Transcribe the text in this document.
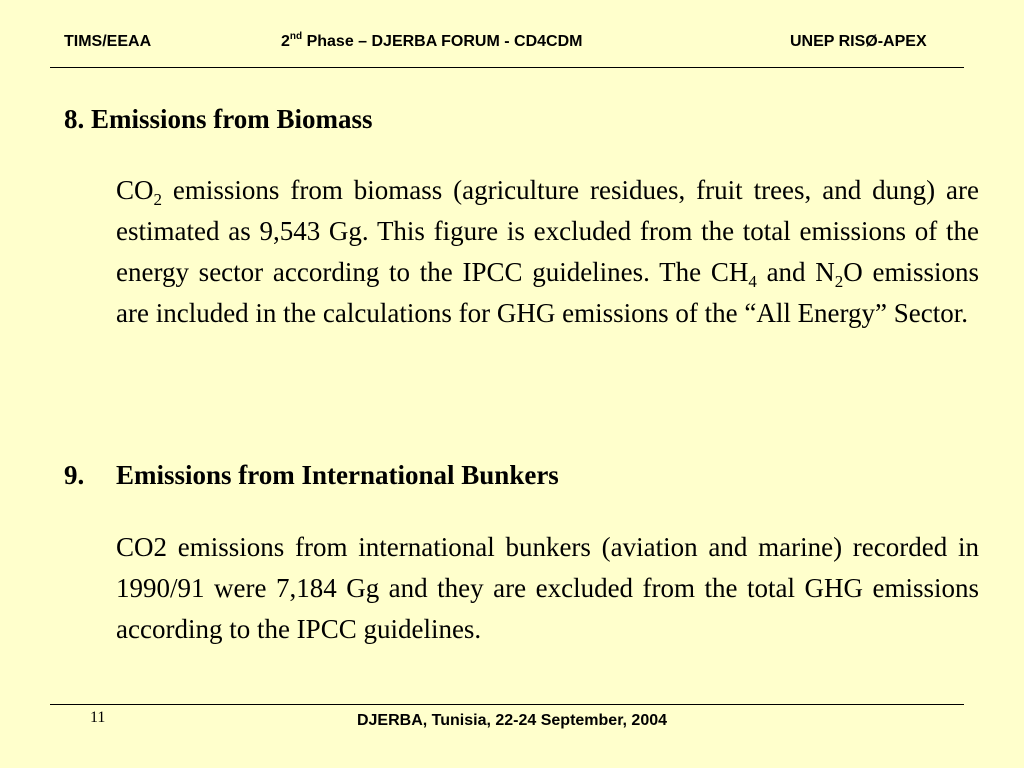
TIMS/EEAA	2nd Phase – DJERBA FORUM - CD4CDM	UNEP RISØ-APEX
8. Emissions from Biomass
$CO_2$ emissions from biomass (agriculture residues, fruit trees, and dung) are estimated as 9,543 Gg. This figure is excluded from the total emissions of the energy sector according to the IPCC guidelines. The $CH_4$ and $N_2O$ emissions are included in the calculations for GHG emissions of the “All Energy” Sector.
9. Emissions from International Bunkers
CO2 emissions from international bunkers (aviation and marine) recorded in 1990/91 were 7,184 Gg and they are excluded from the total GHG emissions according to the IPCC guidelines.
11	DJERBA, Tunisia, 22-24 September, 2004
